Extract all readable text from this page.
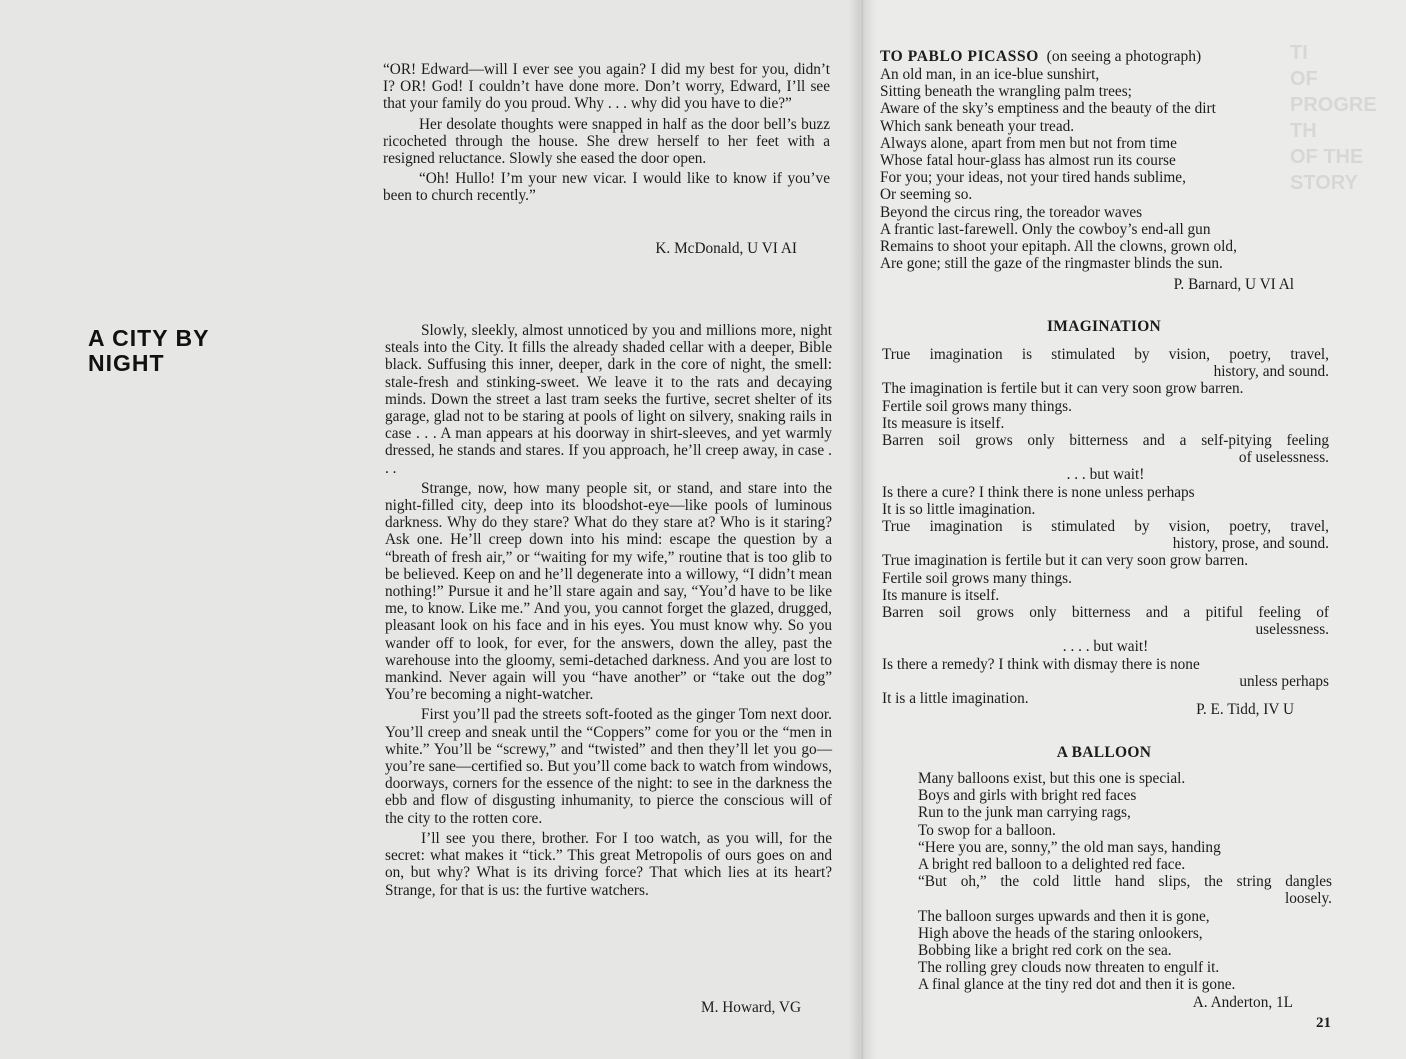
TI
OF PROGRE
TH
OF THE
STORY

“OR! Edward—will I ever see you again? I did my best for you, didn’t I? OR! God! I couldn’t have done more. Don’t worry, Edward, I’ll see that your family do you proud. Why . . . why did you have to die?”

Her desolate thoughts were snapped in half as the door bell’s buzz ricocheted through the house. She drew herself to her feet with a resigned reluctance. Slowly she eased the door open.

“Oh! Hullo! I’m your new vicar. I would like to know if you’ve been to church recently.”

K. McDonald, U VI AI
A CITY BY
NIGHT

Slowly, sleekly, almost unnoticed by you and millions more, night steals into the City. It fills the already shaded cellar with a deeper, Bible black. Suffusing this inner, deeper, dark in the core of night, the smell: stale-fresh and stinking-sweet. We leave it to the rats and decaying minds. Down the street a last tram seeks the furtive, secret shelter of its garage, glad not to be staring at pools of light on silvery, snaking rails in case . . . A man appears at his doorway in shirt-sleeves, and yet warmly dressed, he stands and stares. If you approach, he’ll creep away, in case . . .

Strange, now, how many people sit, or stand, and stare into the night-filled city, deep into its bloodshot-eye—like pools of luminous darkness. Why do they stare? What do they stare at? Who is it staring? Ask one. He’ll creep down into his mind: escape the question by a “breath of fresh air,” or “waiting for my wife,” routine that is too glib to be believed. Keep on and he’ll degenerate into a willowy, “I didn’t mean nothing!” Pursue it and he’ll stare again and say, “You’d have to be like me, to know. Like me.” And you, you cannot forget the glazed, drugged, pleasant look on his face and in his eyes. You must know why. So you wander off to look, for ever, for the answers, down the alley, past the warehouse into the gloomy, semi-detached darkness. And you are lost to mankind. Never again will you “have another” or “take out the dog” You’re becoming a night-watcher.

First you’ll pad the streets soft-footed as the ginger Tom next door. You’ll creep and sneak until the “Coppers” come for you or the “men in white.” You’ll be “screwy,” and “twisted” and then they’ll let you go—you’re sane—certified so. But you’ll come back to watch from windows, doorways, corners for the essence of the night: to see in the darkness the ebb and flow of disgusting inhumanity, to pierce the conscious will of the city to the rotten core.

I’ll see you there, brother. For I too watch, as you will, for the secret: what makes it “tick.” This great Metropolis of ours goes on and on, but why? What is its driving force? That which lies at its heart? Strange, for that is us: the furtive watchers.

M. Howard, VG
TO PABLO PICASSO (on seeing a photograph)
An old man, in an ice-blue sunshirt,
Sitting beneath the wrangling palm trees;
Aware of the sky’s emptiness and the beauty of the dirt
Which sank beneath your tread.
Always alone, apart from men but not from time
Whose fatal hour-glass has almost run its course
For you; your ideas, not your tired hands sublime,
Or seeming so.
Beyond the circus ring, the toreador waves
A frantic last-farewell. Only the cowboy’s end-all gun
Remains to shoot your epitaph. All the clowns, grown old,
Are gone; still the gaze of the ringmaster blinds the sun.
P. Barnard, U VI Al
IMAGINATION
True imagination is stimulated by vision, poetry, travel,
history, and sound.
The imagination is fertile but it can very soon grow barren.
Fertile soil grows many things.
Its measure is itself.
Barren soil grows only bitterness and a self-pitying feeling
of uselessness.
. . . but wait!
Is there a cure? I think there is none unless perhaps
It is so little imagination.
True imagination is stimulated by vision, poetry, travel,
history, prose, and sound.
True imagination is fertile but it can very soon grow barren.
Fertile soil grows many things.
Its manure is itself.
Barren soil grows only bitterness and a pitiful feeling of
uselessness.
. . . . but wait!
Is there a remedy? I think with dismay there is none
unless perhaps
It is a little imagination.
P. E. Tidd, IV U
A BALLOON
Many balloons exist, but this one is special.
Boys and girls with bright red faces
Run to the junk man carrying rags,
To swop for a balloon.
“Here you are, sonny,” the old man says, handing
A bright red balloon to a delighted red face.
“But oh,” the cold little hand slips, the string dangles
loosely.
The balloon surges upwards and then it is gone,
High above the heads of the staring onlookers,
Bobbing like a bright red cork on the sea.
The rolling grey clouds now threaten to engulf it.
A final glance at the tiny red dot and then it is gone.
A. Anderton, 1L
21
